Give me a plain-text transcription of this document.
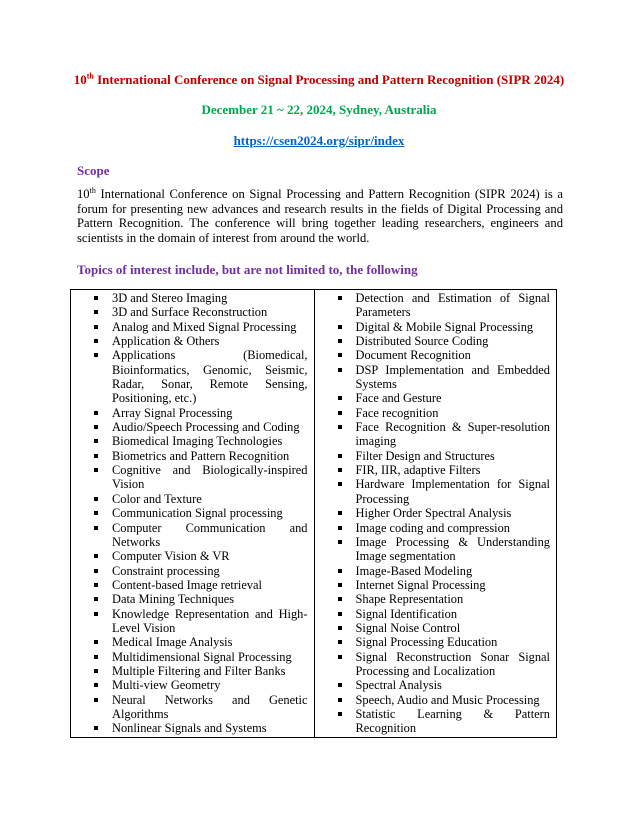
10th International Conference on Signal Processing and Pattern Recognition (SIPR 2024)
December 21 ~ 22, 2024, Sydney, Australia
https://csen2024.org/sipr/index
Scope
10th International Conference on Signal Processing and Pattern Recognition (SIPR 2024) is a forum for presenting new advances and research results in the fields of Digital Processing and Pattern Recognition. The conference will bring together leading researchers, engineers and scientists in the domain of interest from around the world.
Topics of interest include, but are not limited to, the following
3D and Stereo Imaging
3D and Surface Reconstruction
Analog and Mixed Signal Processing
Application & Others
Applications (Biomedical, Bioinformatics, Genomic, Seismic, Radar, Sonar, Remote Sensing, Positioning, etc.)
Array Signal Processing
Audio/Speech Processing and Coding
Biomedical Imaging Technologies
Biometrics and Pattern Recognition
Cognitive and Biologically-inspired Vision
Color and Texture
Communication Signal processing
Computer Communication and Networks
Computer Vision & VR
Constraint processing
Content-based Image retrieval
Data Mining Techniques
Knowledge Representation and High-Level Vision
Medical Image Analysis
Multidimensional Signal Processing
Multiple Filtering and Filter Banks
Multi-view Geometry
Neural Networks and Genetic Algorithms
Nonlinear Signals and Systems
Detection and Estimation of Signal Parameters
Digital & Mobile Signal Processing
Distributed Source Coding
Document Recognition
DSP Implementation and Embedded Systems
Face and Gesture
Face recognition
Face Recognition & Super-resolution imaging
Filter Design and Structures
FIR, IIR, adaptive Filters
Hardware Implementation for Signal Processing
Higher Order Spectral Analysis
Image coding and compression
Image Processing & Understanding Image segmentation
Image-Based Modeling
Internet Signal Processing
Shape Representation
Signal Identification
Signal Noise Control
Signal Processing Education
Signal Reconstruction Sonar Signal Processing and Localization
Spectral Analysis
Speech, Audio and Music Processing
Statistic Learning & Pattern Recognition
